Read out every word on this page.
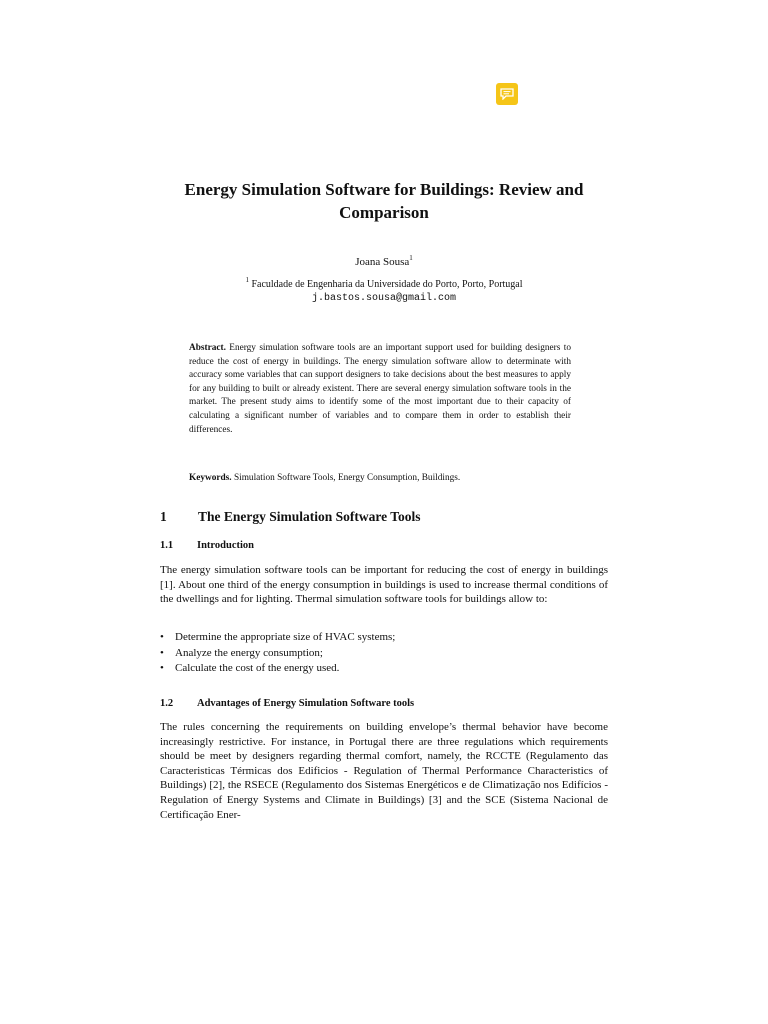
Energy Simulation Software for Buildings: Review and Comparison
Joana Sousa$^1$
$^1$ Faculdade de Engenharia da Universidade do Porto, Porto, Portugal
j.bastos.sousa@gmail.com

Abstract. Energy simulation software tools are an important support used for building designers to reduce the cost of energy in buildings. The energy simulation software allow to determinate with accuracy some variables that can support designers to take decisions about the best measures to apply for any building to built or already existent. There are several energy simulation software tools in the market. The present study aims to identify some of the most important due to their capacity of calculating a significant number of variables and to compare them in order to establish their differences.

Keywords. Simulation Software Tools, Energy Consumption, Buildings.

1 The Energy Simulation Software Tools
1.1 Introduction

The energy simulation software tools can be important for reducing the cost of energy in buildings [1]. About one third of the energy consumption in buildings is used to increase thermal conditions of the dwellings and for lighting. Thermal simulation software tools for buildings allow to:

• Determine the appropriate size of HVAC systems;
• Analyze the energy consumption;
• Calculate the cost of the energy used.
1.2 Advantages of Energy Simulation Software tools

The rules concerning the requirements on building envelope’s thermal behavior have become increasingly restrictive. For instance, in Portugal there are three regulations which requirements should be meet by designers regarding thermal comfort, namely, the RCCTE (Regulamento das Caracteristicas Térmicas dos Edificios - Regulation of Thermal Performance Characteristics of Buildings) [2], the RSECE (Regulamento dos Sistemas Energéticos e de Climatização nos Edifícios - Regulation of Energy Systems and Climate in Buildings) [3] and the SCE (Sistema Nacional de Certificação Ener-
